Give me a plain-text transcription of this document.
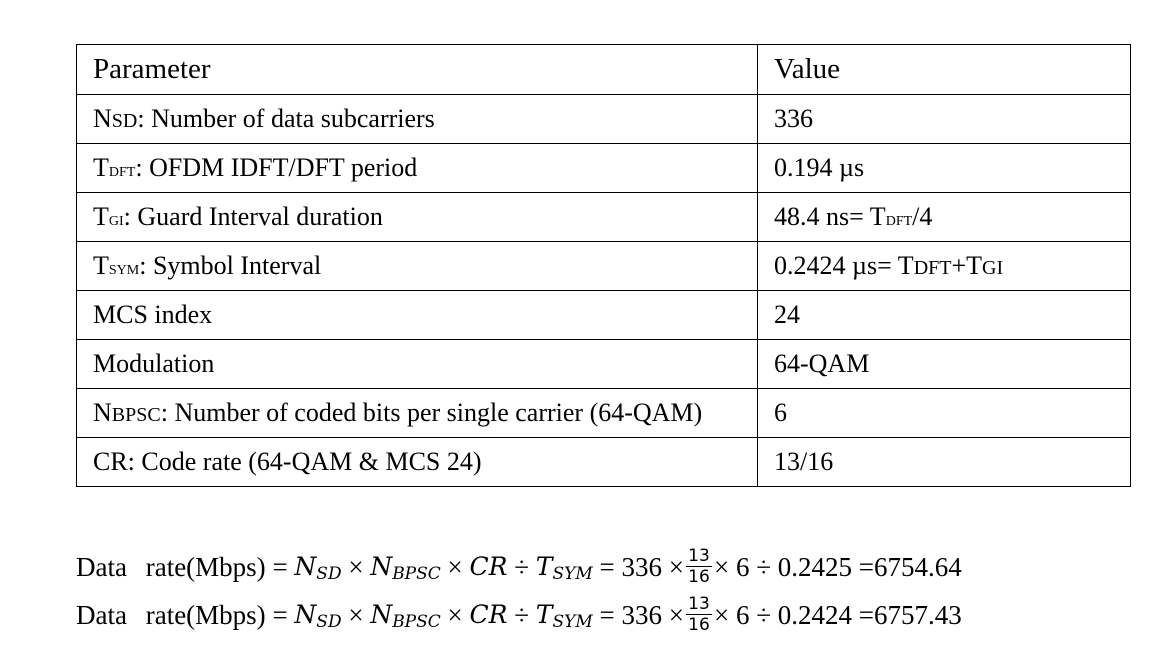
Parameter	Value
NSD: Number of data subcarriers	336
TDFT: OFDM IDFT/DFT period	0.194 µs
TGI: Guard Interval duration	48.4 ns= TDFT/4
TSYM: Symbol Interval	0.2424 µs= TDFT+TGI
MCS index	24
Modulation	64-QAM
NBPSC: Number of coded bits per single carrier (64-QAM)	6
CR: Code rate (64-QAM & MCS 24)	13/16
Data rate(Mbps) = $N_{SD} \times N_{BPSC}$ × CR ÷ $T_{SYM} = 336 \times \frac{13}{16} \times 6 \div 0.2425 =6754.64$
Data rate(Mbps) = $N_{SD} \times N_{BPSC}$ × CR ÷ $T_{SYM} = 336 \times \frac{13}{16} \times 6 \div 0.2424 =6757.43$
